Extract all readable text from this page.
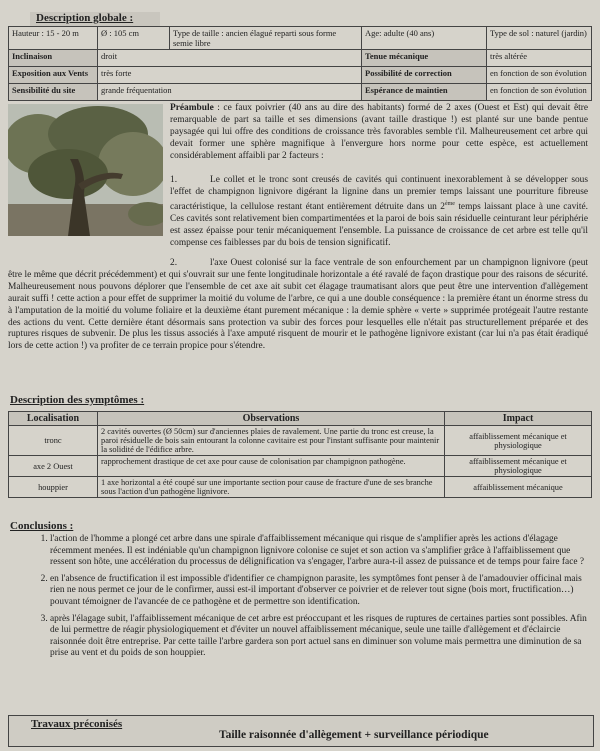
Description globale :
Hauteur : 15 - 20 m	Ø : 105 cm	Type de taille : ancien élagué reparti sous forme semie libre	Age: adulte (40 ans)	Type de sol : naturel (jardin)
Inclinaison	droit		Tenue mécanique	très altérée
Exposition aux Vents	très forte		Possibilité de correction	en fonction de son évolution
Sensibilité du site	grande fréquentation		Espérance de maintien	en fonction de son évolution
Préambule : ce faux poivrier (40 ans au dire des habitants) formé de 2 axes (Ouest et Est) qui devait être remarquable de part sa taille et ses dimensions (avant taille drastique !) est planté sur une bande pentue paysagée qui lui offre des conditions de croissance très favorables semble t'il. Malheureusement cet arbre qui devait former une sphère magnifique à l'envergure hors norme pour cette espèce, est actuellement considérablement affaibli par 2 facteurs :
1.	Le collet et le tronc sont creusés de cavités qui continuent inexorablement à se développer sous l'effet de champignon lignivore digérant la lignine dans un premier temps laissant une pourriture fibreuse caractéristique, la cellulose restant étant entièrement détruite dans un 2ème temps laissant place à une cavité. Ces cavités sont relativement bien compartimentées et la paroi de bois sain résiduelle ceinturant leur périphérie est assez épaisse pour tenir mécaniquement l'ensemble. La puissance de croissance de cet arbre est telle qu'il compense ces faiblesses par du bois de tension significatif.
2.	l'axe Ouest colonisé sur la face ventrale de son enfourchement par un champignon lignivore (peut être le même que décrit précédemment) et qui s'ouvrait sur une fente longitudinale horizontale a été ravalé de façon drastique pour des raisons de sécurité. Malheureusement nous pouvons déplorer que l'ensemble de cet axe ait subit cet élagage traumatisant alors que peut être une intervention d'allègement aurait suffi ! cette action a pour effet de supprimer la moitié du volume de l'arbre, ce qui a une double conséquence : la première étant un énorme stress du à l'amputation de la moitié du volume foliaire et la deuxième étant purement mécanique : la demie sphère « verte » supprimée protégeait l'autre restante des actions du vent. Cette dernière étant désormais sans protection va subir des forces pour lesquelles elle n'était pas structurellement préparée et des ruptures risques de subvenir. De plus les tissus associés à l'axe amputé risquent de mourir et le pathogène lignivore existant (car lui n'a pas était éradiqué lors de cette action !) va profiter de ce terrain propice pour s'étendre.
Description des symptômes :
Localisation	Observations	Impact
tronc	2 cavités ouvertes (Ø 50cm) sur d'anciennes plaies de ravalement. Une partie du tronc est creuse, la paroi résiduelle de bois sain entourant la colonne cavitaire est pour l'instant suffisante pour maintenir la solidité de l'édifice arbre.	affaiblissement mécanique et physiologique
axe 2 Ouest	rapprochement drastique de cet axe pour cause de colonisation par champignon pathogène.	affaiblissement mécanique et physiologique
houppier	1 axe horizontal a été coupé sur une importante section pour cause de fracture d'une de ses branche sous l'action d'un pathogène lignivore.	affaiblissement mécanique
Conclusions :
1. l'action de l'homme a plongé cet arbre dans une spirale d'affaiblissement mécanique qui risque de s'amplifier après les actions d'élagage récemment menées. Il est indéniable qu'un champignon lignivore colonise ce sujet et son action va s'amplifier grâce à l'affaiblissement que ressent son hôte, une accélération du processus de délignification va s'engager, l'arbre aura-t-il assez de puissance et de temps pour faire face ?
2. en l'absence de fructification il est impossible d'identifier ce champignon parasite, les symptômes font penser à de l'amadouvier officinal mais rien ne nous permet ce jour de le confirmer, aussi est-il important d'observer ce poivrier et de relever tout signe (bois mort, fructification…) pouvant témoigner de l'avancée de ce pathogène et de permettre son identification.
3. après l'élagage subit, l'affaiblissement mécanique de cet arbre est préoccupant et les risques de ruptures de certaines parties sont possibles. Afin de lui permettre de réagir physiologiquement et d'éviter un nouvel affaiblissement mécanique, seule une taille d'allègement et d'éclaircie raisonnée doit être entreprise. Par cette taille l'arbre gardera son port actuel sans en diminuer son volume mais permettra une diminution de sa prise au vent et du poids de son houppier.
Travaux préconisés
Taille raisonnée d'allègement + surveillance périodique
